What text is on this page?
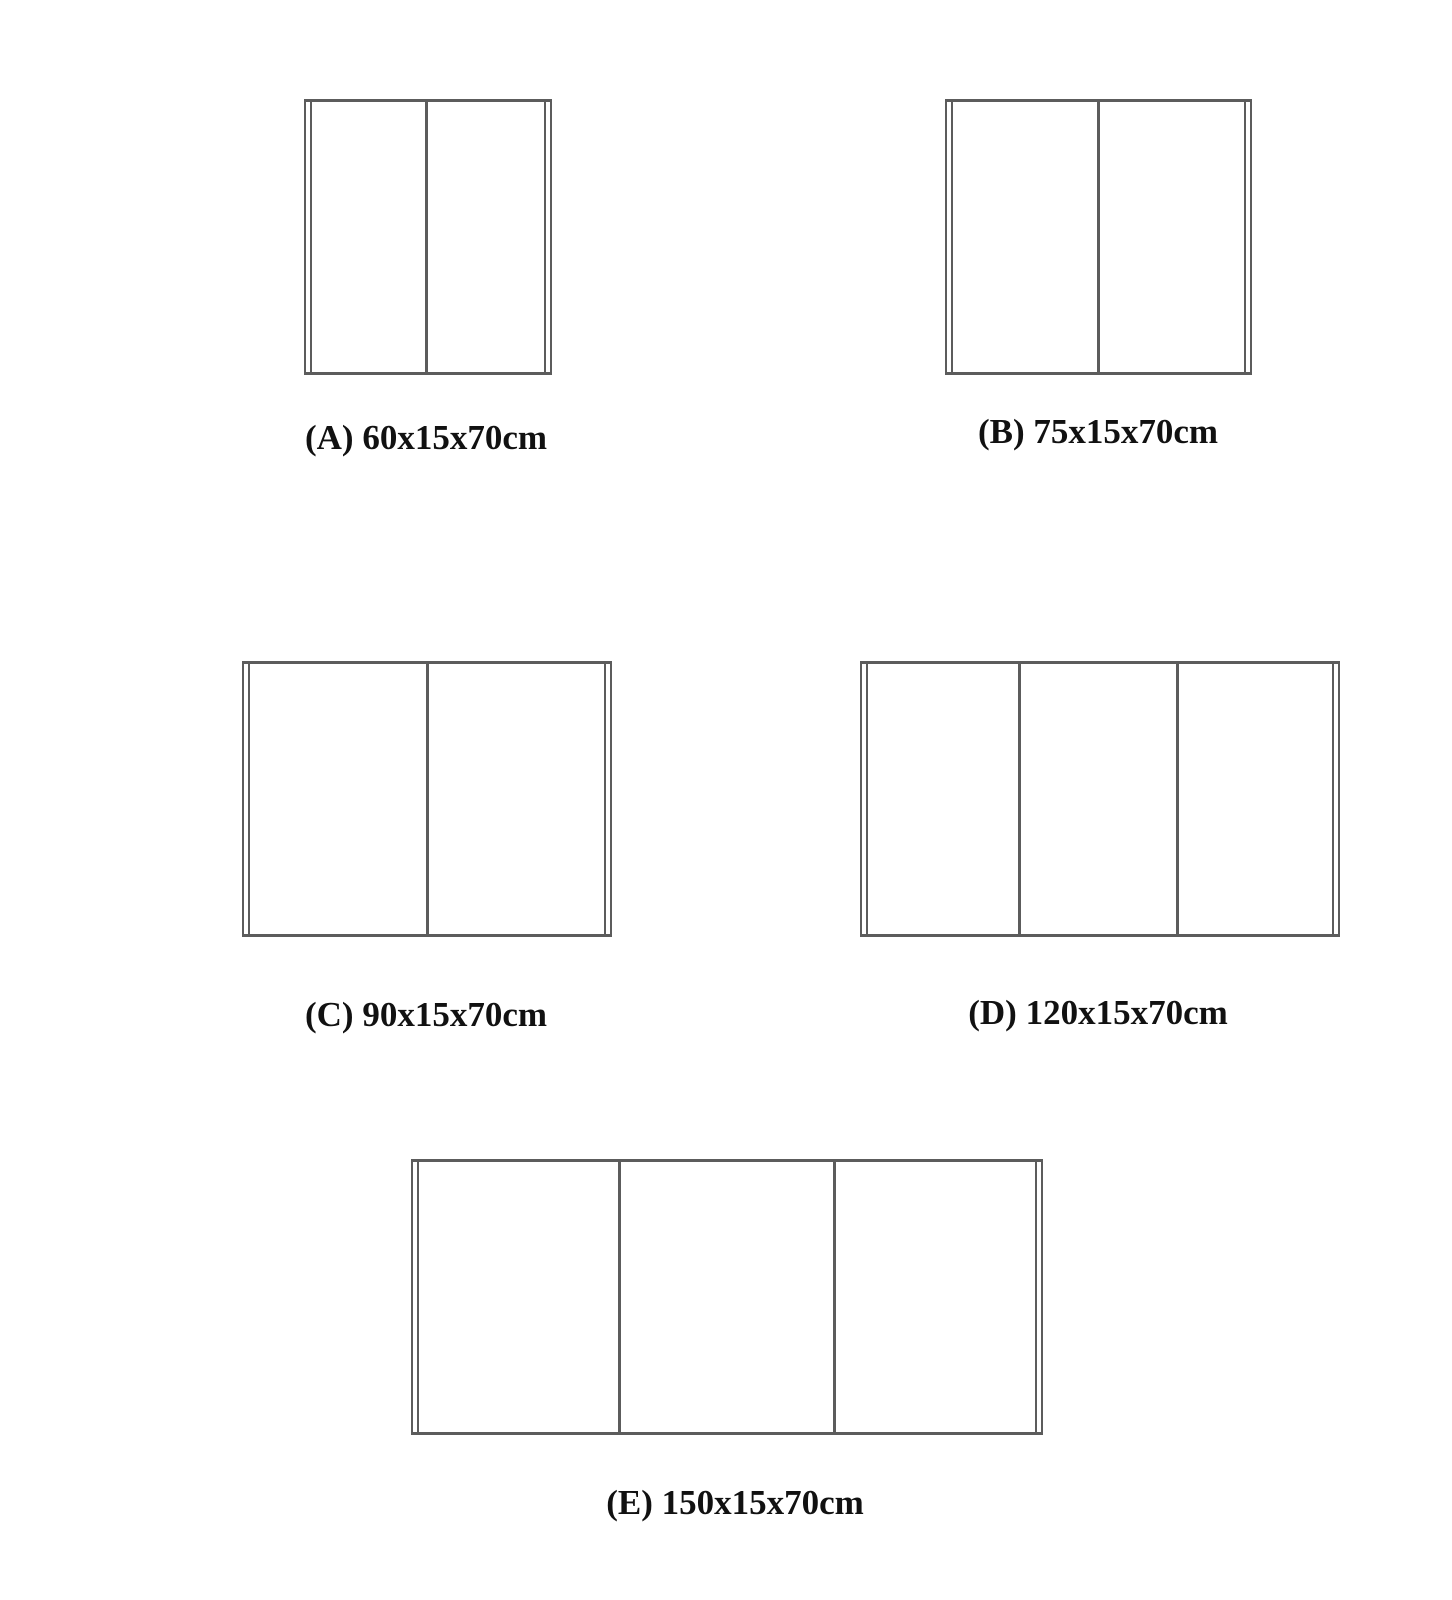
(A) 60x15x70cm	(B) 75x15x70cm
(C) 90x15x70cm	(D) 120x15x70cm
(E) 150x15x70cm
